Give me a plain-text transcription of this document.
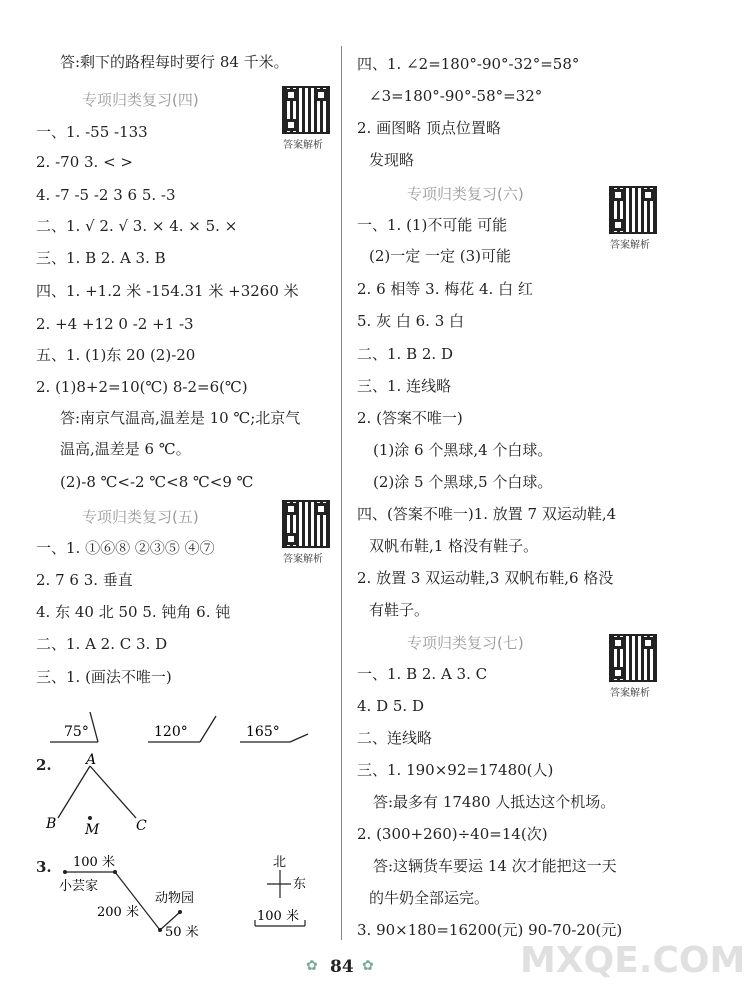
答:剩下的路程每时要行 84 千米。
专项归类复习(四)
答案解析
一、1. -55 -133
2. -70 3. < >
4. -7 -5 -2 3 6 5. -3
二、1. √ 2. √ 3. × 4. × 5. ×
三、1. B 2. A 3. B
四、1. +1.2 米 -154.31 米 +3260 米
2. +4 +12 0 -2 +1 -3
五、1. (1)东 20 (2)-20
2. (1)8+2=10(℃) 8-2=6(℃)
答:南京气温高,温差是 10 ℃;北京气
温高,温差是 6 ℃。
(2)-8 ℃<-2 ℃<8 ℃<9 ℃
专项归类复习(五)
答案解析
一、1. ①⑥⑧ ②③⑤ ④⑦
2. 7 6 3. 垂直
4. 东 40 北 50 5. 钝角 6. 钝
二、1. A 2. C 3. D
三、1. (画法不唯一)
75°	120°	165°
2. A
B M	C
3. 100 米
小芸家
动物园
200 米
50 米
北
东
100 米
四、1. ∠2=180°-90°-32°=58°
∠3=180°-90°-58°=32°
2. 画图略 顶点位置略
发现略
专项归类复习(六)
答案解析
一、1. (1)不可能 可能
(2)一定 一定 (3)可能
2. 6 相等 3. 梅花 4. 白 红
5. 灰 白 6. 3 白
二、1. B 2. D
三、1. 连线略
2. (答案不唯一)
(1)涂 6 个黑球,4 个白球。
(2)涂 5 个黑球,5 个白球。
四、(答案不唯一)1. 放置 7 双运动鞋,4
双帆布鞋,1 格没有鞋子。
2. 放置 3 双运动鞋,3 双帆布鞋,6 格没
有鞋子。
专项归类复习(七)
答案解析
一、1. B 2. A 3. C
4. D 5. D
二、连线略
三、1. 190×92=17480(人)
答:最多有 17480 人抵达这个机场。
2. (300+260)÷40=14(次)
答:这辆货车要运 14 次才能把这一天
的牛奶全部运完。
3. 90×180=16200(元) 90-70-20(元)
✿ 84 ✿	MXQE.COM
